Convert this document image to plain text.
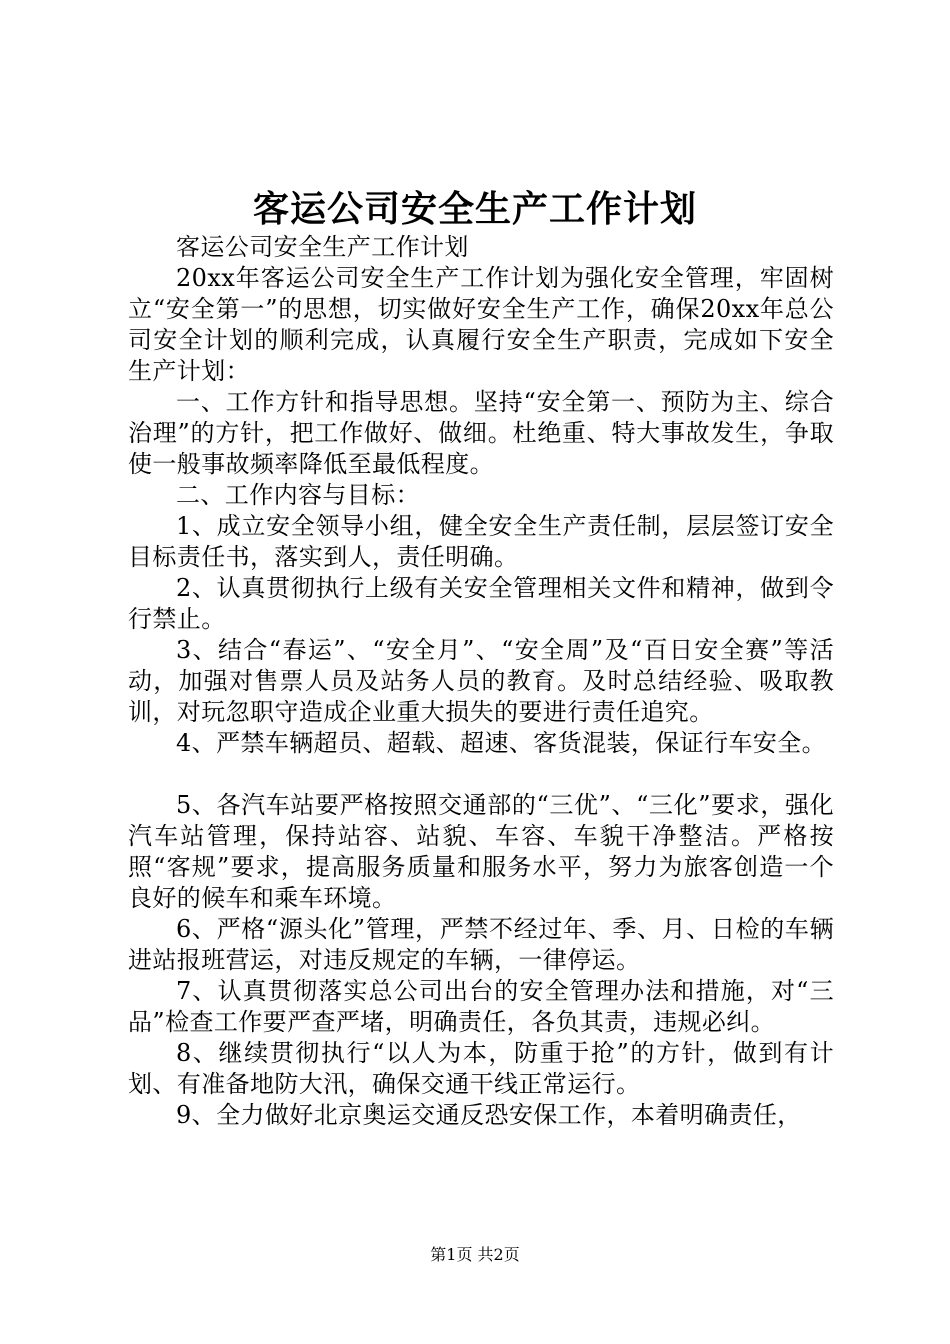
客运公司安全生产工作计划

客运公司安全生产工作计划

20xx年客运公司安全生产工作计划为强化安全管理，牢固树立“安全第一”的思想，切实做好安全生产工作，确保20xx年总公司安全计划的顺利完成，认真履行安全生产职责，完成如下安全生产计划：

一、工作方针和指导思想。坚持“安全第一、预防为主、综合治理”的方针，把工作做好、做细。杜绝重、特大事故发生，争取使一般事故频率降低至最低程度。

二、工作内容与目标：

1、成立安全领导小组，健全安全生产责任制，层层签订安全目标责任书，落实到人，责任明确。

2、认真贯彻执行上级有关安全管理相关文件和精神，做到令行禁止。

3、结合“春运”、“安全月”、“安全周”及“百日安全赛”等活动，加强对售票人员及站务人员的教育。及时总结经验、吸取教训，对玩忽职守造成企业重大损失的要进行责任追究。

4、严禁车辆超员、超载、超速、客货混装，保证行车安全。

5、各汽车站要严格按照交通部的“三优”、“三化”要求，强化汽车站管理，保持站容、站貌、车容、车貌干净整洁。严格按照“客规”要求，提高服务质量和服务水平，努力为旅客创造一个良好的候车和乘车环境。

6、严格“源头化”管理，严禁不经过年、季、月、日检的车辆进站报班营运，对违反规定的车辆，一律停运。

7、认真贯彻落实总公司出台的安全管理办法和措施，对“三品”检查工作要严查严堵，明确责任，各负其责，违规必纠。

8、继续贯彻执行“以人为本，防重于抢”的方针，做到有计划、有准备地防大汛，确保交通干线正常运行。

9、全力做好北京奥运交通反恐安保工作，本着明确责任，

第1页 共2页
